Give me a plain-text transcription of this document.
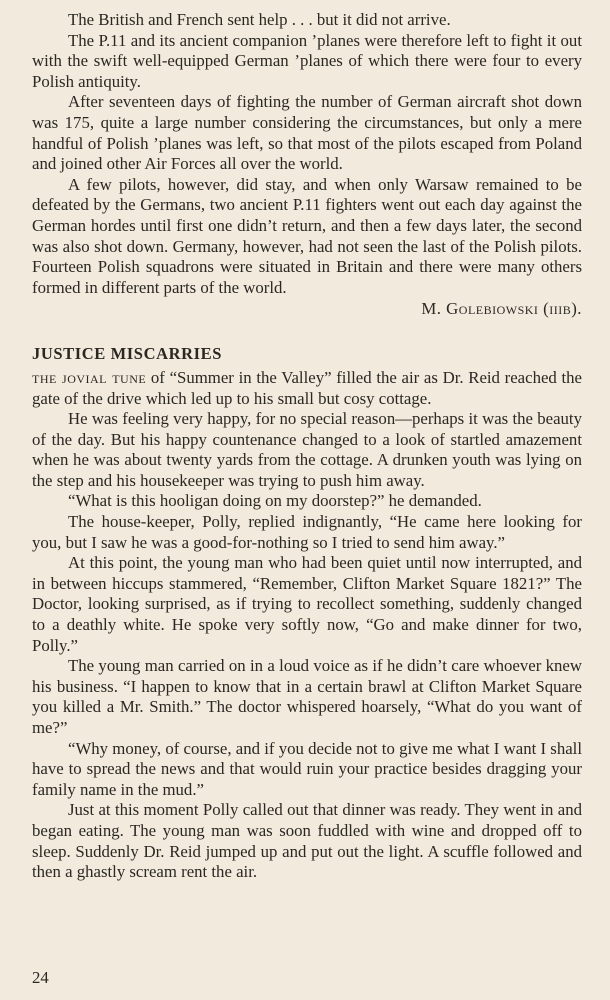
The British and French sent help . . . but it did not arrive.

The P.11 and its ancient companion ’planes were therefore left to fight it out with the swift well-equipped German ’planes of which there were four to every Polish antiquity.

After seventeen days of fighting the number of German aircraft shot down was 175, quite a large number considering the circumstances, but only a mere handful of Polish ’planes was left, so that most of the pilots escaped from Poland and joined other Air Forces all over the world.

A few pilots, however, did stay, and when only Warsaw remained to be defeated by the Germans, two ancient P.11 fighters went out each day against the German hordes until first one didn’t return, and then a few days later, the second was also shot down. Germany, however, had not seen the last of the Polish pilots. Fourteen Polish squadrons were situated in Britain and there were many others formed in different parts of the world.

M. Golebiowski (iiib).
JUSTICE MISCARRIES

the jovial tune of “Summer in the Valley” filled the air as Dr. Reid reached the gate of the drive which led up to his small but cosy cottage.

He was feeling very happy, for no special reason—perhaps it was the beauty of the day. But his happy countenance changed to a look of startled amazement when he was about twenty yards from the cottage. A drunken youth was lying on the step and his housekeeper was trying to push him away.

“What is this hooligan doing on my doorstep?” he demanded.

The house-keeper, Polly, replied indignantly, “He came here looking for you, but I saw he was a good-for-nothing so I tried to send him away.”

At this point, the young man who had been quiet until now interrupted, and in between hiccups stammered, “Remember, Clifton Market Square 1821?” The Doctor, looking surprised, as if trying to recollect something, suddenly changed to a deathly white. He spoke very softly now, “Go and make dinner for two, Polly.”

The young man carried on in a loud voice as if he didn’t care whoever knew his business. “I happen to know that in a certain brawl at Clifton Market Square you killed a Mr. Smith.” The doctor whispered hoarsely, “What do you want of me?”

“Why money, of course, and if you decide not to give me what I want I shall have to spread the news and that would ruin your practice besides dragging your family name in the mud.”

Just at this moment Polly called out that dinner was ready. They went in and began eating. The young man was soon fuddled with wine and dropped off to sleep. Suddenly Dr. Reid jumped up and put out the light. A scuffle followed and then a ghastly scream rent the air.

24
